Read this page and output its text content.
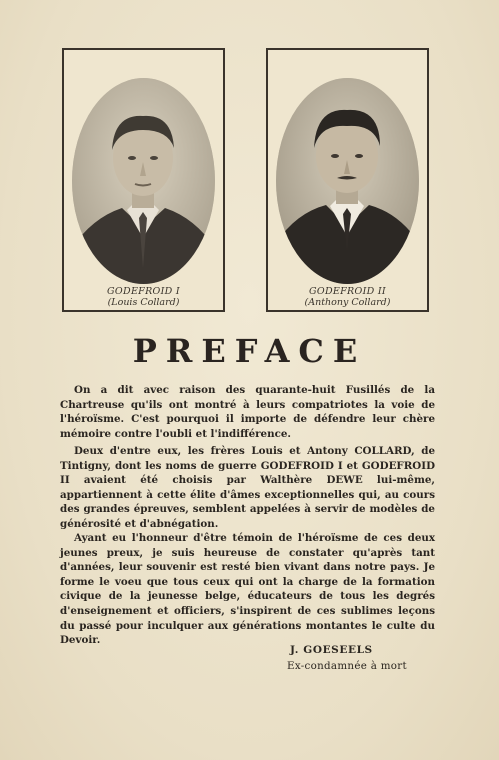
GODEFROID I
(Louis Collard)
GODEFROID II
(Anthony Collard)
PREFACE
On a dit avec raison des quarante-huit Fusillés de la Chartreuse qu'ils ont montré à leurs compatriotes la voie de l'héroïsme. C'est pourquoi il importe de défendre leur chère mémoire contre l'oubli et l'indifférence.
Deux d'entre eux, les frères Louis et Antony COLLARD, de Tintigny, dont les noms de guerre GODEFROID I et GODEFROID II avaient été choisis par Walthère DEWE lui-même, appartiennent à cette élite d'âmes exceptionnelles qui, au cours des grandes épreuves, semblent appelées à servir de modèles de générosité et d'abnégation.
Ayant eu l'honneur d'être témoin de l'héroïsme de ces deux jeunes preux, je suis heureuse de constater qu'après tant d'années, leur souvenir est resté bien vivant dans notre pays. Je forme le voeu que tous ceux qui ont la charge de la formation civique de la jeunesse belge, éducateurs de tous les degrés d'enseignement et officiers, s'inspirent de ces sublimes leçons du passé pour inculquer aux générations montantes le culte du Devoir.
J. GOESEELS
Ex-condamnée à mort
